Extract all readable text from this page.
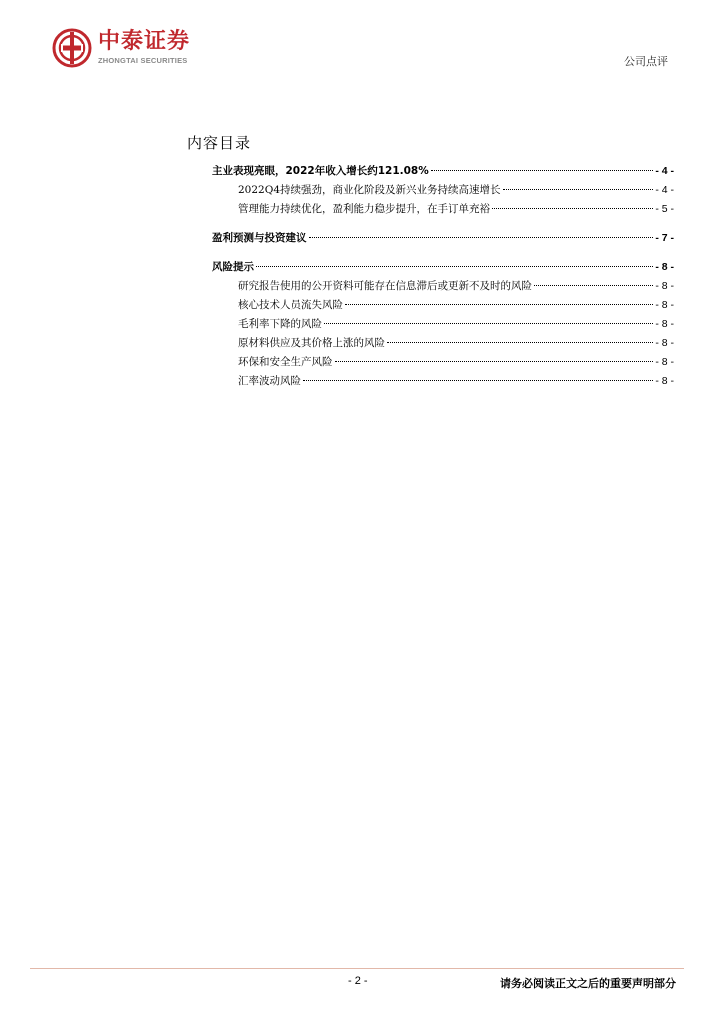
中泰证券
ZHONGTAI SECURITIES	公司点评
内容目录
主业表现亮眼，2022年收入增长约121.08%	- 4 -
2022Q4持续强劲，商业化阶段及新兴业务持续高速增长	- 4 -
管理能力持续优化，盈利能力稳步提升，在手订单充裕	- 5 -
盈利预测与投资建议	- 7 -
风险提示	- 8 -
研究报告使用的公开资料可能存在信息滞后或更新不及时的风险	- 8 -
核心技术人员流失风险	- 8 -
毛利率下降的风险	- 8 -
原材料供应及其价格上涨的风险	- 8 -
环保和安全生产风险	- 8 -
汇率波动风险	- 8 -
- 2 -	请务必阅读正文之后的重要声明部分
